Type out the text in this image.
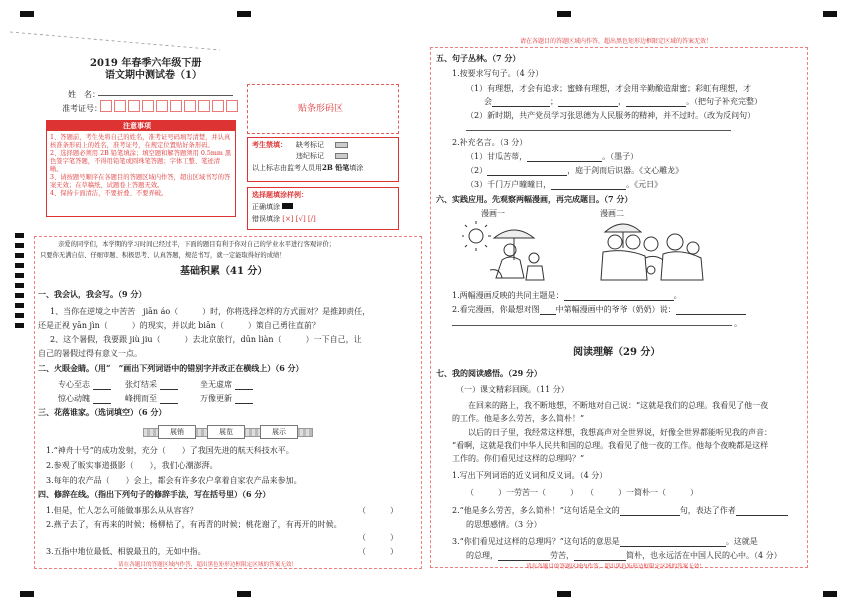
请在各题目的答题区域内作答，超出黑色矩形边框限定区域的答案无效！
2019 年春季六年级下册
语文期中测试卷（1）
姓　名：
准考证号：	贴条形码区
注意事项
1、答题前，考生先将自己的姓名，准考证号码填写清楚，并认真核准条形码上的姓名，准考证号，在规定位置贴好条形码。
2、选择题必须用 2B 铅笔填涂；填空题和解答题须用 0.5mm 黑色签字笔答题，不得用铅笔或圆珠笔答题；字体工整、笔迹清晰。
3、请按题号顺序在各题目的答题区域内作答，超出区域书写的答案无效；在草稿纸、试题卷上答题无效。
4、保持卡面清洁，不要折叠、不要弄破。
考生禁填： 缺考标记
违纪标记
以上标志由监考人员用2B 铅笔填涂
选择题填涂样例：
正确填涂
错误填涂 [×] [√] [/]
亲爱的同学们，本学期的学习时间已经过半，下面的题目有利于你对自己的学业水平进行客观评价；
只要你无满自信、仔细审题、积极思考、认真答题，规范书写，就一定能取得好的成绩！
基础积累（41 分）
一、我会认，我会写。（9 分）
1、当你在逆境之中苦苦　jiān áo（　　　）时，你将选择怎样的方式面对？是推卸责任，
还是正视 yān jìn（　　　）的现实，并以此 biān（　　　）策自己勇往直前？
2、这个暑假，我要跟 jiù jiu（　　　）去北京旅行，dūn liàn（　　　）一下自己，让
自己的暑假过得有意义一点。
二、火眼金睛。（用“　”画出下列词语中的错别字并改正在横线上）（6 分）
专心至志	张灯结采	坐无虚席
惊心动魄	峰拥而至	万像更新
三、花落谁家。（选词填空）（6 分）
展销	展览	展示
1.“神舟十号”的成功发射，充分（　　）了我国先进的航天科技水平。
2.参观了販实事道摄影（　　），我们心潮澎湃。
3.每年的农产品（　　）会上，都会有许多农户拿着自家农产品来参加。
四、修辞在线。（指出下列句子的修辞手法，写在括号里）（6 分）
1.但是，忙人怎么可能做事那么从从容容？	（　　　）
2.燕子去了，有再来的时候；杨柳枯了，有再青的时候；桃花谢了，有再开的时候。
（　　　）
3.五指中地位最低、相貌最丑的，无如中指。	（　　　）
请在各题目的答题区域内作答，超出黑色矩形边框限定区域的答案无效！
五、句子丛林。（7 分）
1.按要求写句子。（4 分）
（1）有理想，才会有追求；蜜蜂有理想，才会用辛勤酿造甜蜜；彩虹有理想，才
会	；	，	。（把句子补充完整）
（2）新时期，共产党员学习张思德为人民服务的精神，并不过时。（改为反问句）
2.补充名言。（3 分）
（1）甘瓜苦蒂，	。（墨子）
（2）	，庭于剑而后识器。《文心雕龙》
（3）千门万户曈曈日，	。《元日》
六、实践应用。先观察两幅漫画，再完成题目。（7 分）
漫画一	漫画二
1.两幅漫画反映的共同主题是：	。
2.看完漫画，你最想对图 中第幅漫画中的爷爷（奶奶）说：
。
阅读理解（29 分）
七、我的阅读感悟。（29 分）
（一）课文精彩回顾。（11 分）
在回来的路上，我不断地想，不断地对自己说：“这就是我们的总理。我看见了他一夜
的工作。他是多么劳苦，多么简朴！”
以后的日子里，我经常这样想，我想高声对全世界说，好像全世界都能听见我的声音：
“看啊，这就是我们中华人民共和国的总理。我看见了他一夜的工作。他每个夜晚都是这样
工作的。你们看见过这样的总理吗？”
1.写出下列词语的近义词和反义词。（4 分）
（　　　）一劳苦一（　　　）　　（　　　）一简朴一（　　　）
2.“他是多么劳苦，多么简朴！”这句话是全文的	句，表达了作者
的思想感情。（3 分）
3.“你们看见过这样的总理吗？”这句话的意思是	。这就是
的总理，	劳苦，	简朴，也永远活在中国人民的心中。（4 分）
请在各题目的答题区域内作答，超出黑色矩形边框限定区域的答案无效！
